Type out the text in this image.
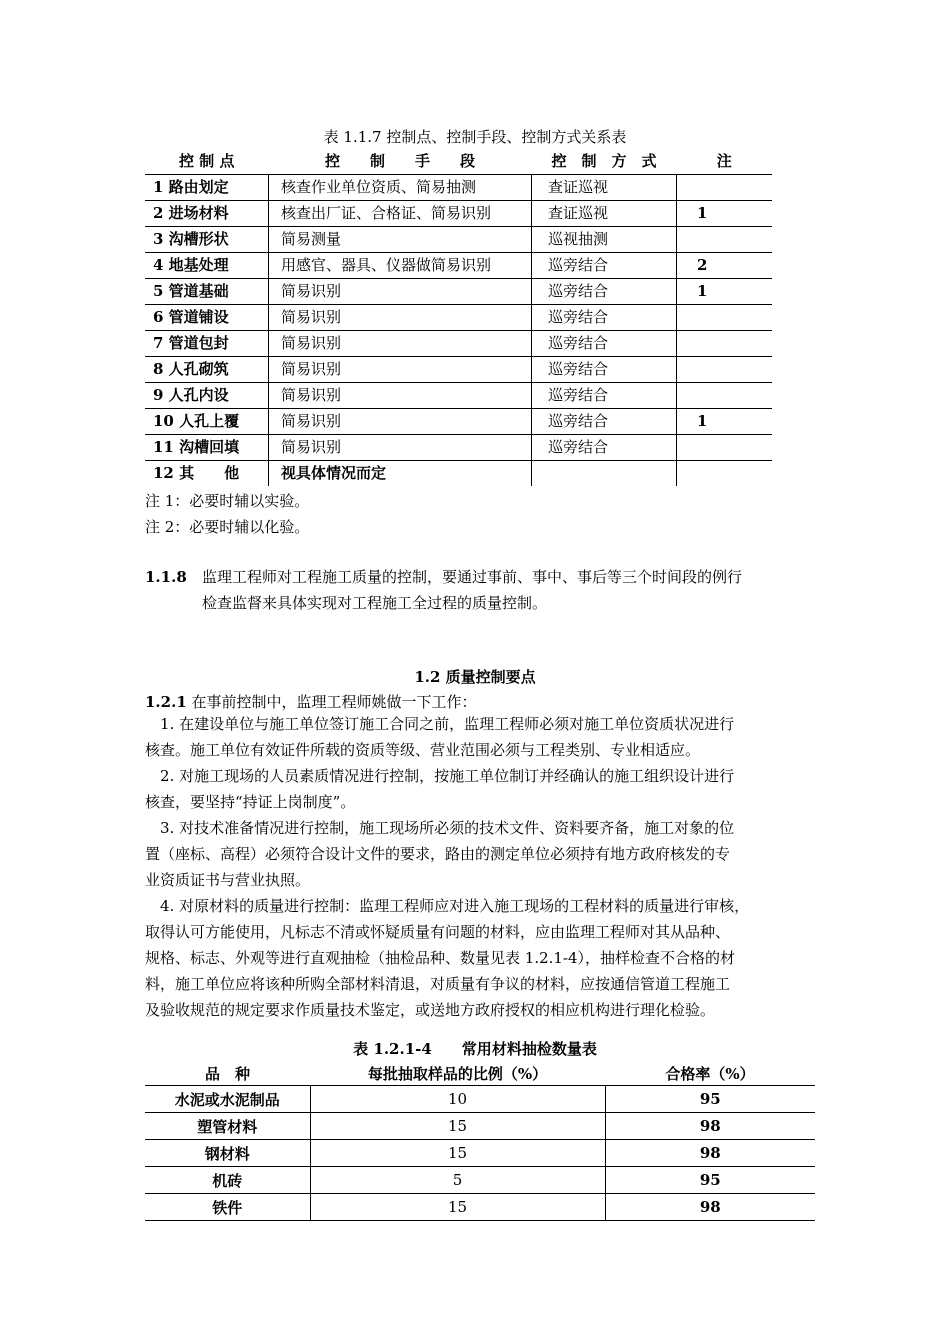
表 1.1.7 控制点、控制手段、控制方式关系表
控 制 点	控　　制　　手　　段	控　制　方　式	注
1 路由划定	核查作业单位资质、简易抽测	查证巡视	
2 进场材料	核查出厂证、合格证、简易识别	查证巡视	1
3 沟槽形状	简易测量	巡视抽测	
4 地基处理	用感官、器具、仪器做简易识别	巡旁结合	2
5 管道基础	简易识别	巡旁结合	1
6 管道铺设	简易识别	巡旁结合	
7 管道包封	简易识别	巡旁结合	
8 人孔砌筑	简易识别	巡旁结合	
9 人孔内设	简易识别	巡旁结合	
10 人孔上覆	简易识别	巡旁结合	1
11 沟槽回填	简易识别	巡旁结合	
12 其　　他	视具体情况而定		
注 1：必要时辅以实验。
注 2：必要时辅以化验。
1.1.8 监理工程师对工程施工质量的控制，要通过事前、事中、事后等三个时间段的例行
检查监督来具体实现对工程施工全过程的质量控制。
1.2 质量控制要点
1.2.1 在事前控制中，监理工程师姚做一下工作：
　1. 在建设单位与施工单位签订施工合同之前，监理工程师必须对施工单位资质状况进行
核查。施工单位有效证件所载的资质等级、营业范围必须与工程类别、专业相适应。
　2. 对施工现场的人员素质情况进行控制，按施工单位制订并经确认的施工组织设计进行
核查，要坚持“持证上岗制度”。
　3. 对技术准备情况进行控制，施工现场所必须的技术文件、资料要齐备，施工对象的位
置（座标、高程）必须符合设计文件的要求，路由的测定单位必须持有地方政府核发的专
业资质证书与营业执照。
　4. 对原材料的质量进行控制：监理工程师应对进入施工现场的工程材料的质量进行审核，
取得认可方能使用，凡标志不清或怀疑质量有问题的材料，应由监理工程师对其从品种、
规格、标志、外观等进行直观抽检（抽检品种、数量见表 1.2.1-4），抽样检查不合格的材
料，施工单位应将该种所购全部材料清退，对质量有争议的材料，应按通信管道工程施工
及验收规范的规定要求作质量技术鉴定，或送地方政府授权的相应机构进行理化检验。
表 1.2.1-4　　常用材料抽检数量表
品　种	每批抽取样品的比例（%）	合格率（%）
水泥或水泥制品	10	95
塑管材料	15	98
钢材料	15	98
机砖	5	95
铁件	15	98
